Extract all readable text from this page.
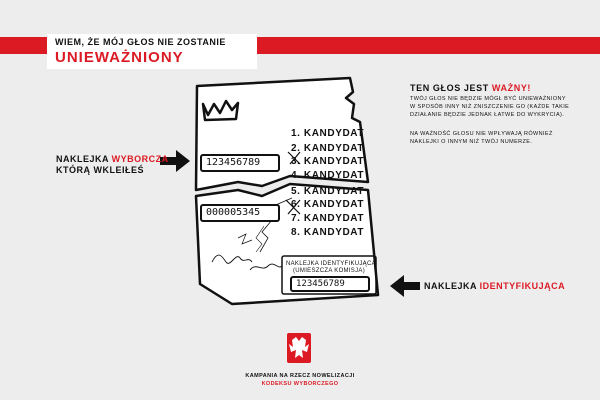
WIEM, ŻE MÓJ GŁOS NIE ZOSTANIE
UNIEWAŻNIONY
1. KANDYDAT
2. KANDYDAT
3. KANDYDAT
4. KANDYDAT
5. KANDYDAT
6. KANDYDAT
7. KANDYDAT
8. KANDYDAT
123456789
000005345
NAKLEJKA IDENTYFIKUJĄCA
(UMIESZCZA KOMISJA)
123456789
NAKLEJKA WYBORCZA,
KTÓRĄ WKLEIŁEŚ
NAKLEJKA IDENTYFIKUJĄCA
TEN GŁOS JEST WAŻNY!
TWÓJ GŁOS NIE BĘDZIE MÓGŁ BYĆ UNIEWAŻNIONY W SPOSÓB INNY NIŻ ZNISZCZENIE GO (KAŻDE TAKIE DZIAŁANIE BĘDZIE JEDNAK ŁATWE DO WYKRYCIA).
NA WAŻNOŚĆ GŁOSU NIE WPŁYWAJĄ RÓWNIEŻ NAKLEJKI O INNYM NIŻ TWÓJ NUMERZE.
KAMPANIA NA RZECZ NOWELIZACJI
KODEKSU WYBORCZEGO
